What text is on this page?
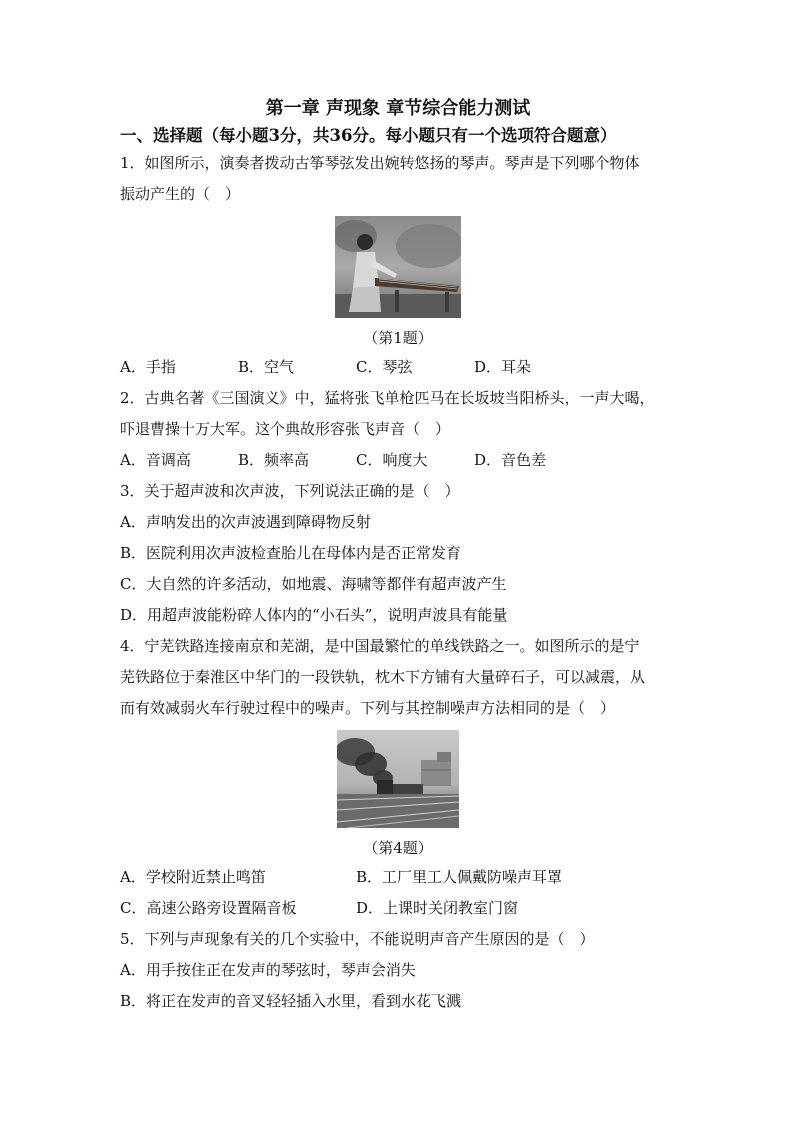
第一章 声现象 章节综合能力测试

一、选择题（每小题3分，共36分。每小题只有一个选项符合题意）

1．如图所示，演奏者拨动古筝琴弦发出婉转悠扬的琴声。琴声是下列哪个物体

振动产生的（　）

（第1题）
A．手指	B．空气	C．琴弦	D．耳朵

2．古典名著《三国演义》中，猛将张飞单枪匹马在长坂坡当阳桥头，一声大喝，

吓退曹操十万大军。这个典故形容张飞声音（　）

A．音调高	B．频率高	C．响度大	D．音色差

3．关于超声波和次声波，下列说法正确的是（　）

A．声呐发出的次声波遇到障碍物反射

B．医院利用次声波检查胎儿在母体内是否正常发育

C．大自然的许多活动，如地震、海啸等都伴有超声波产生

D．用超声波能粉碎人体内的“小石头”，说明声波具有能量

4．宁芜铁路连接南京和芜湖，是中国最繁忙的单线铁路之一。如图所示的是宁

芜铁路位于秦淮区中华门的一段铁轨，枕木下方铺有大量碎石子，可以减震，从

而有效减弱火车行驶过程中的噪声。下列与其控制噪声方法相同的是（　）

（第4题）
A．学校附近禁止鸣笛	B．工厂里工人佩戴防噪声耳罩
C．高速公路旁设置隔音板	D．上课时关闭教室门窗

5．下列与声现象有关的几个实验中，不能说明声音产生原因的是（　）

A．用手按住正在发声的琴弦时，琴声会消失

B．将正在发声的音叉轻轻插入水里，看到水花飞溅
